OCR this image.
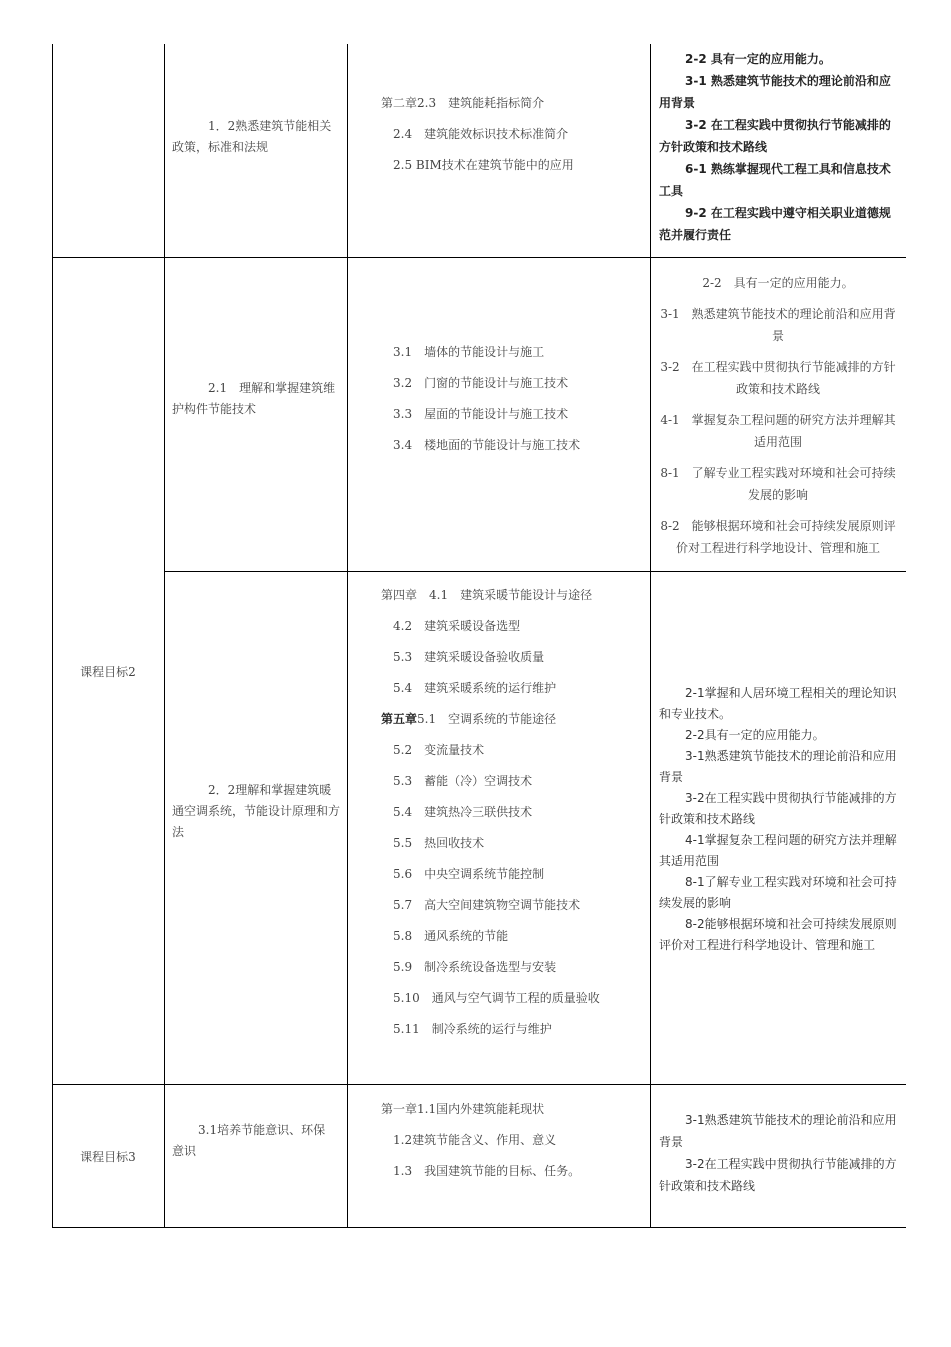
1．2熟悉建筑节能相关政策，标准和法规
第二章2.3　建筑能耗指标简介
2.4　建筑能效标识技术标准简介
2.5 BIM技术在建筑节能中的应用

2-2 具有一定的应用能力。

3-1 熟悉建筑节能技术的理论前沿和应用背景

3-2 在工程实践中贯彻执行节能减排的方针政策和技术路线

6-1 熟练掌握现代工程工具和信息技术工具

9-2 在工程实践中遵守相关职业道德规范并履行责任

课程目标2
2.1　理解和掌握建筑维护构件节能技术
3.1　墙体的节能设计与施工
3.2　门窗的节能设计与施工技术
3.3　屋面的节能设计与施工技术
3.4　楼地面的节能设计与施工技术

2-2　具有一定的应用能力。

3-1　熟悉建筑节能技术的理论前沿和应用背景

3-2　在工程实践中贯彻执行节能减排的方针政策和技术路线

4-1　掌握复杂工程问题的研究方法并理解其适用范围

8-1　了解专业工程实践对环境和社会可持续发展的影响

8-2　能够根据环境和社会可持续发展原则评价对工程进行科学地设计、管理和施工

2．2理解和掌握建筑暖通空调系统，节能设计原理和方法
第四章　4.1　建筑采暖节能设计与途径
4.2　建筑采暖设备选型
5.3　建筑采暖设备验收质量
5.4　建筑采暖系统的运行维护
第五章5.1　空调系统的节能途径
5.2　变流量技术
5.3　蓄能（冷）空调技术
5.4　建筑热冷三联供技术
5.5　热回收技术
5.6　中央空调系统节能控制
5.7　高大空间建筑物空调节能技术
5.8　通风系统的节能
5.9　制冷系统设备选型与安装
5.10　通风与空气调节工程的质量验收
5.11　制冷系统的运行与维护

2-1掌握和人居环境工程相关的理论知识和专业技术。

2-2具有一定的应用能力。

3-1熟悉建筑节能技术的理论前沿和应用背景

3-2在工程实践中贯彻执行节能减排的方针政策和技术路线

4-1掌握复杂工程问题的研究方法并理解其适用范围

8-1了解专业工程实践对环境和社会可持续发展的影响

8-2能够根据环境和社会可持续发展原则评价对工程进行科学地设计、管理和施工

课程目标3
3.1培养节能意识、环保意识
第一章1.1国内外建筑能耗现状
1.2建筑节能含义、作用、意义
1.3　我国建筑节能的目标、任务。

3-1熟悉建筑节能技术的理论前沿和应用背景

3-2在工程实践中贯彻执行节能减排的方针政策和技术路线
